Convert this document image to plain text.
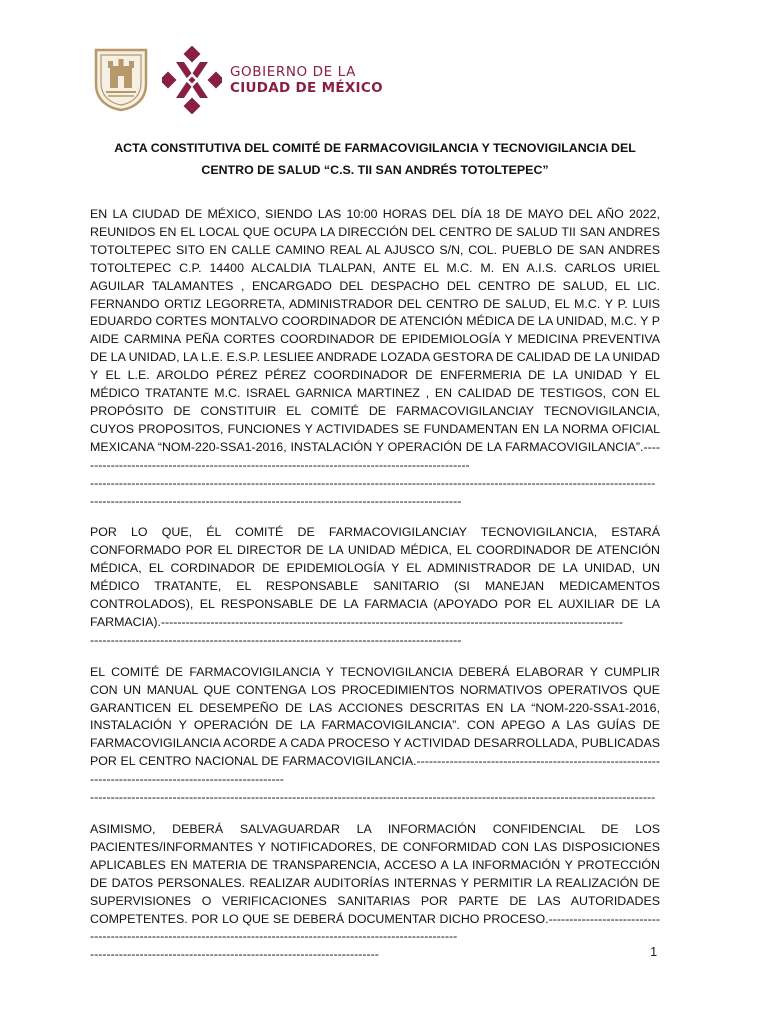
GOBIERNO DE LA
CIUDAD DE MÉXICO
ACTA CONSTITUTIVA DEL COMITÉ DE FARMACOVIGILANCIA Y TECNOVIGILANCIA DEL
CENTRO DE SALUD “C.S. TII SAN ANDRÉS TOTOLTEPEC”
EN LA CIUDAD DE MÉXICO, SIENDO LAS 10:00 HORAS DEL DÍA 18 DE MAYO DEL AÑO 2022, REUNIDOS EN EL LOCAL QUE OCUPA LA DIRECCIÓN DEL CENTRO DE SALUD TII SAN ANDRES TOTOLTEPEC SITO EN CALLE CAMINO REAL AL AJUSCO S/N, COL. PUEBLO DE SAN ANDRES TOTOLTEPEC C.P. 14400 ALCALDIA TLALPAN, ANTE EL M.C. M. EN A.I.S. CARLOS URIEL AGUILAR TALAMANTES , ENCARGADO DEL DESPACHO DEL CENTRO DE SALUD, EL LIC. FERNANDO ORTIZ LEGORRETA, ADMINISTRADOR DEL CENTRO DE SALUD, EL M.C. Y P. LUIS EDUARDO CORTES MONTALVO COORDINADOR DE ATENCIÓN MÉDICA DE LA UNIDAD, M.C. Y P AIDE CARMINA PEÑA CORTES COORDINADOR DE EPIDEMIOLOGÍA Y MEDICINA PREVENTIVA DE LA UNIDAD, LA L.E. E.S.P. LESLIEE ANDRADE LOZADA GESTORA DE CALIDAD DE LA UNIDAD Y EL L.E. AROLDO PÉREZ PÉREZ COORDINADOR DE ENFERMERIA DE LA UNIDAD Y EL MÉDICO TRATANTE M.C. ISRAEL GARNICA MARTINEZ , EN CALIDAD DE TESTIGOS, CON EL PROPÓSITO DE CONSTITUIR EL COMITÉ DE FARMACOVIGILANCIAY TECNOVIGILANCIA, CUYOS PROPOSITOS, FUNCIONES Y ACTIVIDADES SE FUNDAMENTAN EN LA NORMA OFICIAL MEXICANA “NOM-220-SSA1-2016, INSTALACIÓN Y OPERACIÓN DE LA FARMACOVIGILANCIA”.------------------------------------------------------------------------------------------------
-----------------------------------------------------------------------------------------------------------------------------------------
------------------------------------------------------------------------------------------
POR LO QUE, ÉL COMITÉ DE FARMACOVIGILANCIAY TECNOVIGILANCIA, ESTARÁ CONFORMADO POR EL DIRECTOR DE LA UNIDAD MÉDICA, EL COORDINADOR DE ATENCIÓN MÉDICA, EL CORDINADOR DE EPIDEMIOLOGÍA Y EL ADMINISTRADOR DE LA UNIDAD, UN MÉDICO TRATANTE, EL RESPONSABLE SANITARIO (SI MANEJAN MEDICAMENTOS CONTROLADOS), EL RESPONSABLE DE LA FARMACIA (APOYADO POR EL AUXILIAR DE LA FARMACIA).----------------------------------------------------------------------------------------------------------------
------------------------------------------------------------------------------------------
EL COMITÉ DE FARMACOVIGILANCIA Y TECNOVIGILANCIA DEBERÁ ELABORAR Y CUMPLIR CON UN MANUAL QUE CONTENGA LOS PROCEDIMIENTOS NORMATIVOS OPERATIVOS QUE GARANTICEN EL DESEMPEÑO DE LAS ACCIONES DESCRITAS EN LA “NOM-220-SSA1-2016, INSTALACIÓN Y OPERACIÓN DE LA FARMACOVIGILANCIA”. CON APEGO A LAS GUÍAS DE FARMACOVIGILANCIA ACORDE A CADA PROCESO Y ACTIVIDAD DESARROLLADA, PUBLICADAS POR EL CENTRO NACIONAL DE FARMACOVIGILANCIA.----------------------------------------------------------------------------------------------------------
-----------------------------------------------------------------------------------------------------------------------------------------
ASIMISMO, DEBERÁ SALVAGUARDAR LA INFORMACIÓN CONFIDENCIAL DE LOS PACIENTES/INFORMANTES Y NOTIFICADORES, DE CONFORMIDAD CON LAS DISPOSICIONES APLICABLES EN MATERIA DE TRANSPARENCIA, ACCESO A LA INFORMACIÓN Y PROTECCIÓN DE DATOS PERSONALES. REALIZAR AUDITORÍAS INTERNAS Y PERMITIR LA REALIZACIÓN DE SUPERVISIONES O VERIFICACIONES SANITARIAS POR PARTE DE LAS AUTORIDADES COMPETENTES. POR LO QUE SE DEBERÁ DOCUMENTAR DICHO PROCESO.--------------------------------------------------------------------------------------------------------------------
----------------------------------------------------------------------	1
